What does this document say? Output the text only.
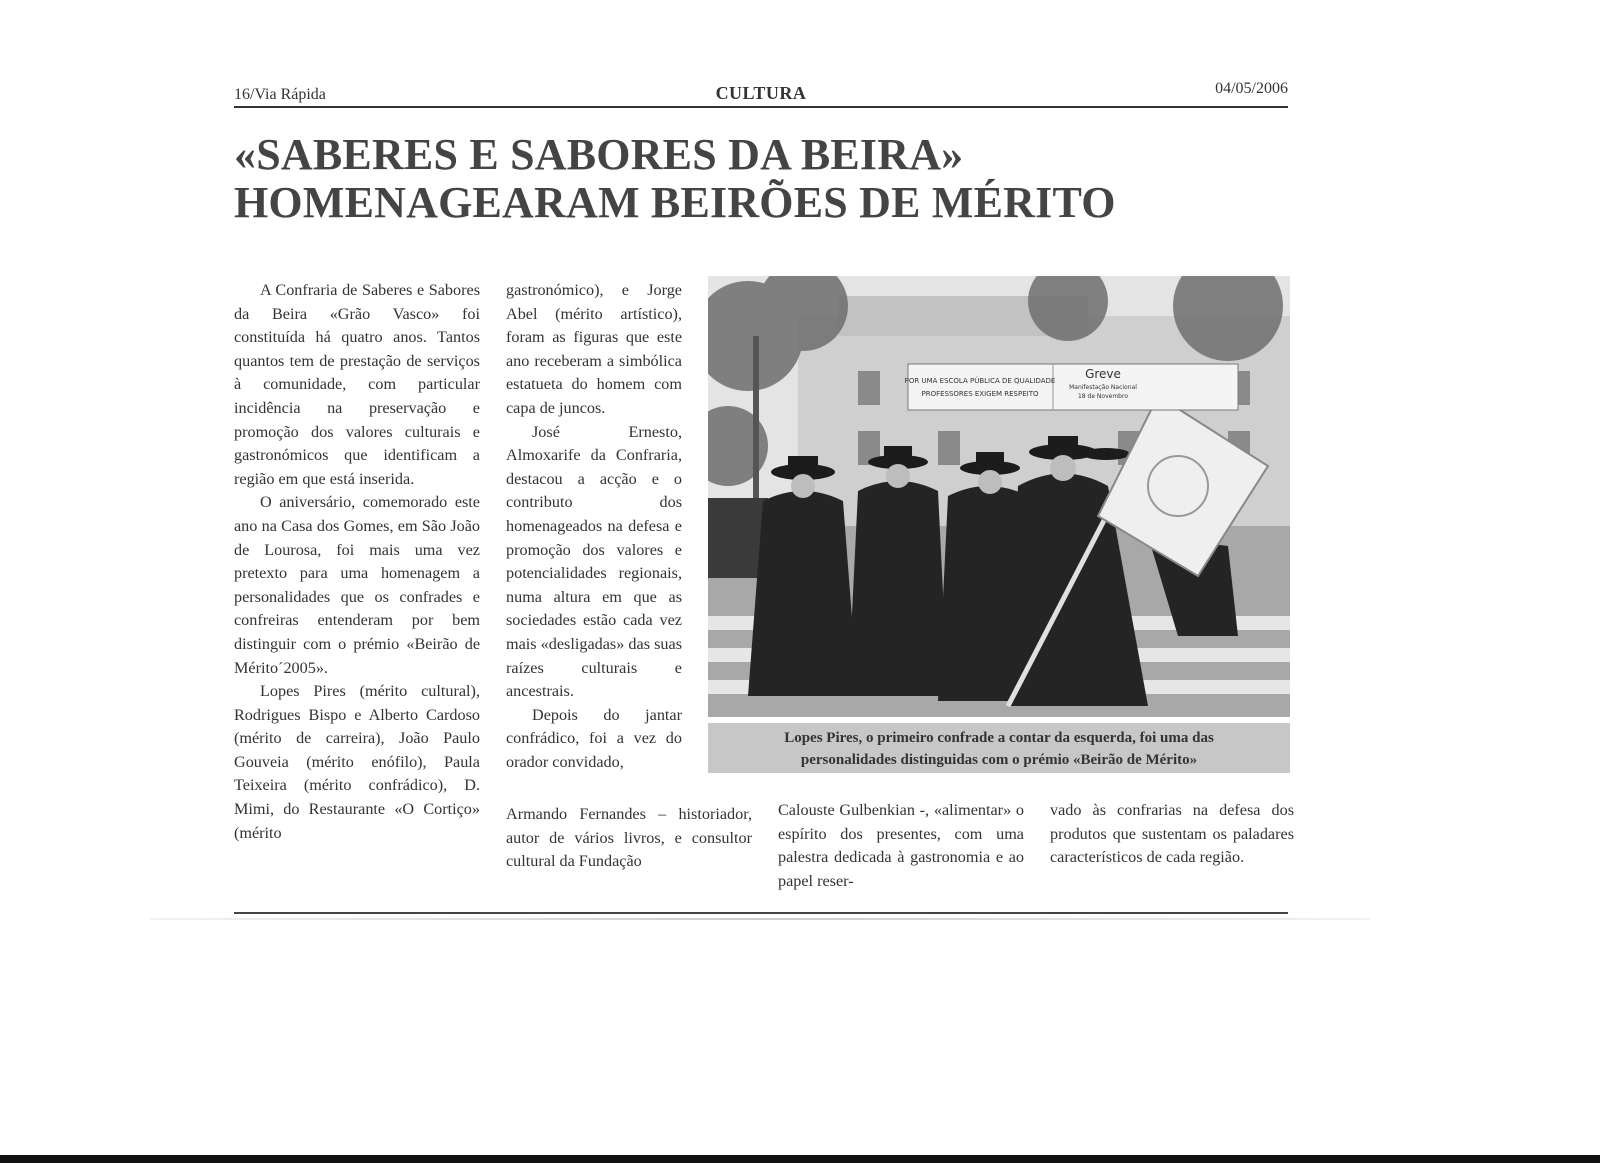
16/Via Rápida	CULTURA	04/05/2006
«SABERES E SABORES DA BEIRA»
HOMENAGEARAM BEIRÕES DE MÉRITO

A Confraria de Saberes e Sabores da Beira «Grão Vasco» foi constituída há quatro anos. Tantos quantos tem de prestação de serviços à comunidade, com particular incidência na preservação e promoção dos valores culturais e gastronómicos que identificam a região em que está inserida.

O aniversário, comemorado este ano na Casa dos Gomes, em São João de Lourosa, foi mais uma vez pretexto para uma homenagem a personalidades que os confrades e confreiras entenderam por bem distinguir com o prémio «Beirão de Mérito´2005».

Lopes Pires (mérito cultural), Rodrigues Bispo e Alberto Cardoso (mérito de carreira), João Paulo Gouveia (mérito enófilo), Paula Teixeira (mérito confrádico), D. Mimi, do Restaurante «O Cortiço» (mérito

gastronómico), e Jorge Abel (mérito artístico), foram as figuras que este ano receberam a simbólica estatueta do homem com capa de juncos.

José Ernesto, Almoxarife da Confraria, destacou a acção e o contributo dos homenageados na defesa e promoção dos valores e potencialidades regionais, numa altura em que as sociedades estão cada vez mais «desligadas» das suas raízes culturais e ancestrais.

Depois do jantar confrádico, foi a vez do orador convidado,

Armando Fernandes – historiador, autor de vários livros, e consultor cultural da Fundação

Calouste Gulbenkian -, «alimentar» o espírito dos presentes, com uma palestra dedicada à gastronomia e ao papel reser-

vado às confrarias na defesa dos produtos que sustentam os paladares característicos de cada região.

POR UMA ESCOLA PÚBLICA DE QUALIDADE
PROFESSORES EXIGEM RESPEITO
Greve
Manifestação Nacional
18 de Novembro
Lopes Pires, o primeiro confrade a contar da esquerda, foi uma das
personalidades distinguidas com o prémio «Beirão de Mérito»
